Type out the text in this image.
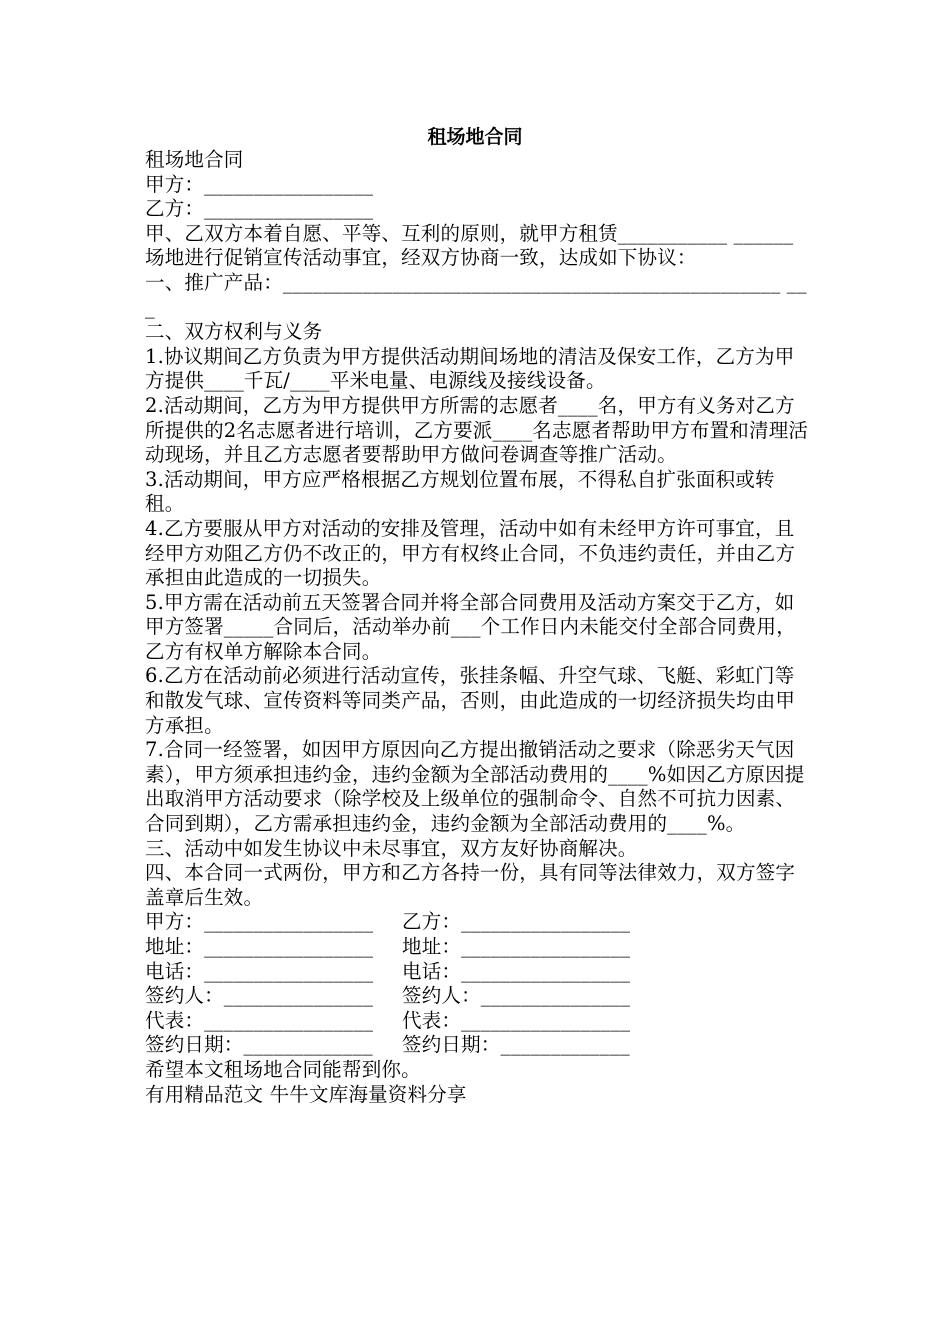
租场地合同
租场地合同
甲方：_________________
乙方：_________________
甲、乙双方本着自愿、平等、互利的原则，就甲方租赁___________ ______场地进行促销宣传活动事宜，经双方协商一致，达成如下协议：
一、推广产品：__________________________________________________ ___
二、双方权利与义务
1.协议期间乙方负责为甲方提供活动期间场地的清洁及保安工作，乙方为甲方提供____千瓦/____平米电量、电源线及接线设备。
2.活动期间，乙方为甲方提供甲方所需的志愿者____名，甲方有义务对乙方所提供的2名志愿者进行培训，乙方要派____名志愿者帮助甲方布置和清理活动现场，并且乙方志愿者要帮助甲方做问卷调查等推广活动。
3.活动期间，甲方应严格根据乙方规划位置布展，不得私自扩张面积或转租。
4.乙方要服从甲方对活动的安排及管理，活动中如有未经甲方许可事宜，且经甲方劝阻乙方仍不改正的，甲方有权终止合同，不负违约责任，并由乙方承担由此造成的一切损失。
5.甲方需在活动前五天签署合同并将全部合同费用及活动方案交于乙方，如甲方签署_____合同后，活动举办前___个工作日内未能交付全部合同费用，乙方有权单方解除本合同。
6.乙方在活动前必须进行活动宣传，张挂条幅、升空气球、飞艇、彩虹门等和散发气球、宣传资料等同类产品，否则，由此造成的一切经济损失均由甲方承担。
7.合同一经签署，如因甲方原因向乙方提出撤销活动之要求（除恶劣天气因素），甲方须承担违约金，违约金额为全部活动费用的____%如因乙方原因提出取消甲方活动要求（除学校及上级单位的强制命令、自然不可抗力因素、合同到期），乙方需承担违约金，违约金额为全部活动费用的____%。
三、活动中如发生协议中未尽事宜，双方友好协商解决。
四、本合同一式两份，甲方和乙方各持一份，具有同等法律效力，双方签字盖章后生效。
甲方：_________________	乙方：_________________
地址：_________________	地址：_________________
电话：_________________	电话：_________________
签约人：_______________	签约人：_______________
代表：_________________	代表：_________________
签约日期：_____________	签约日期：_____________
希望本文租场地合同能帮到你。
有用精品范文 牛牛文库海量资料分享
